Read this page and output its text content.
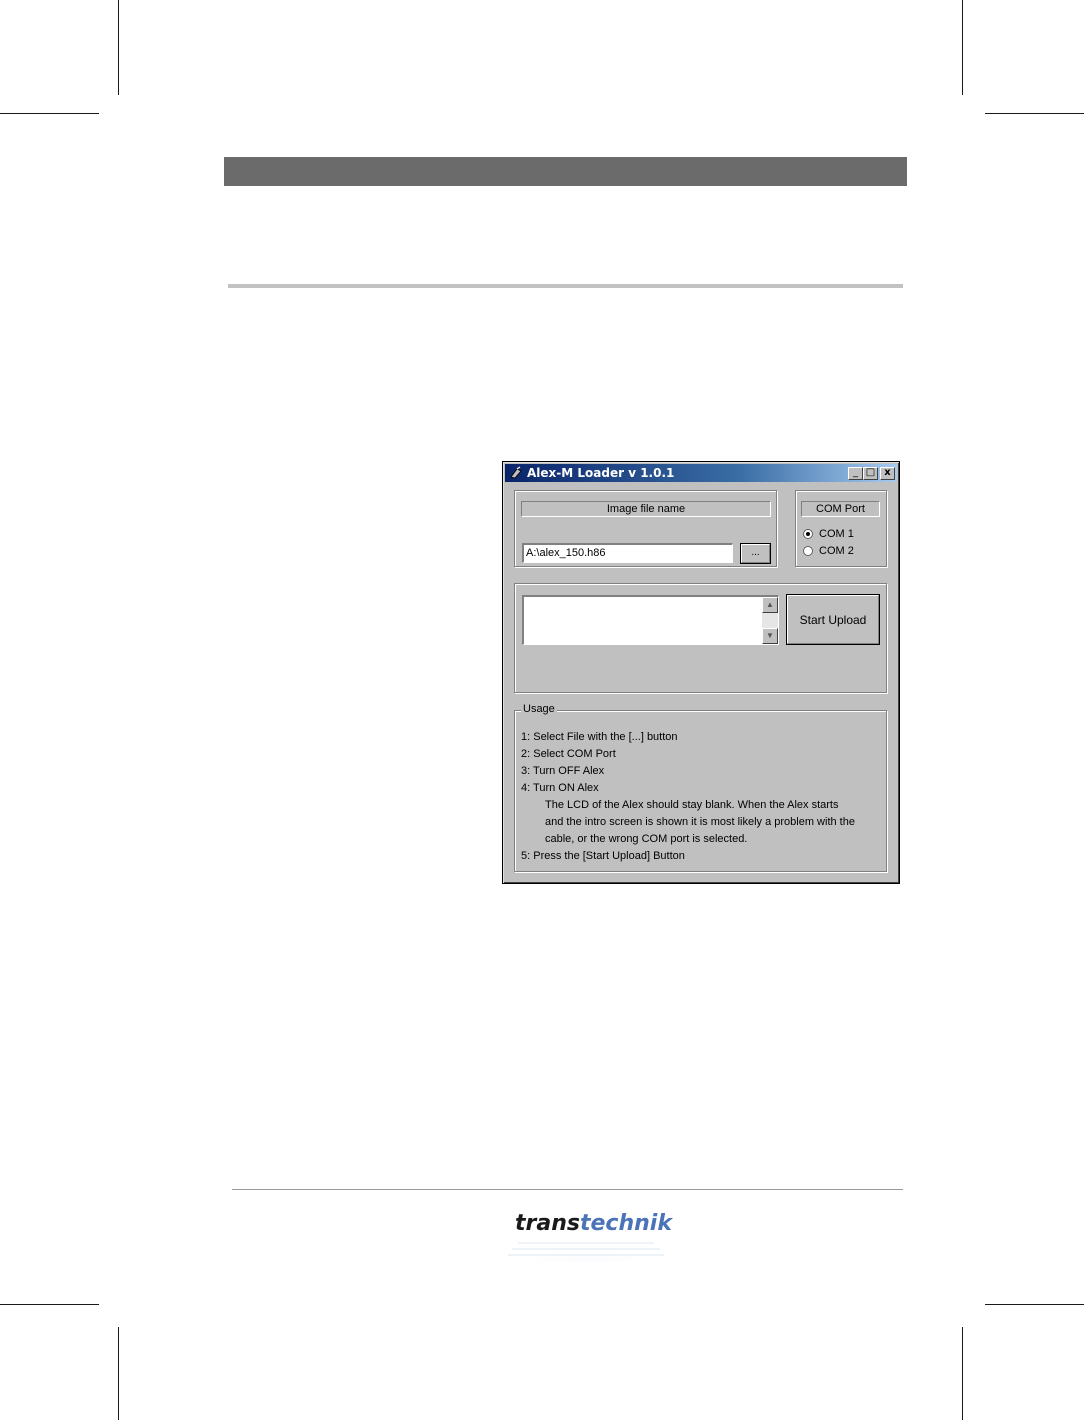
Alex-M Loader v 1.0.1	_ □ x
Image file name
A:\alex_150.h86	...
COM Port
COM 1
COM 2
▲
▼
Start Upload
Usage
1: Select File with the [...] button
2: Select COM Port
3: Turn OFF Alex
4: Turn ON Alex
The LCD of the Alex should stay blank. When the Alex starts
and the intro screen is shown it is most likely a problem with the
cable, or the wrong COM port is selected.
5: Press the [Start Upload] Button
transtechnik
